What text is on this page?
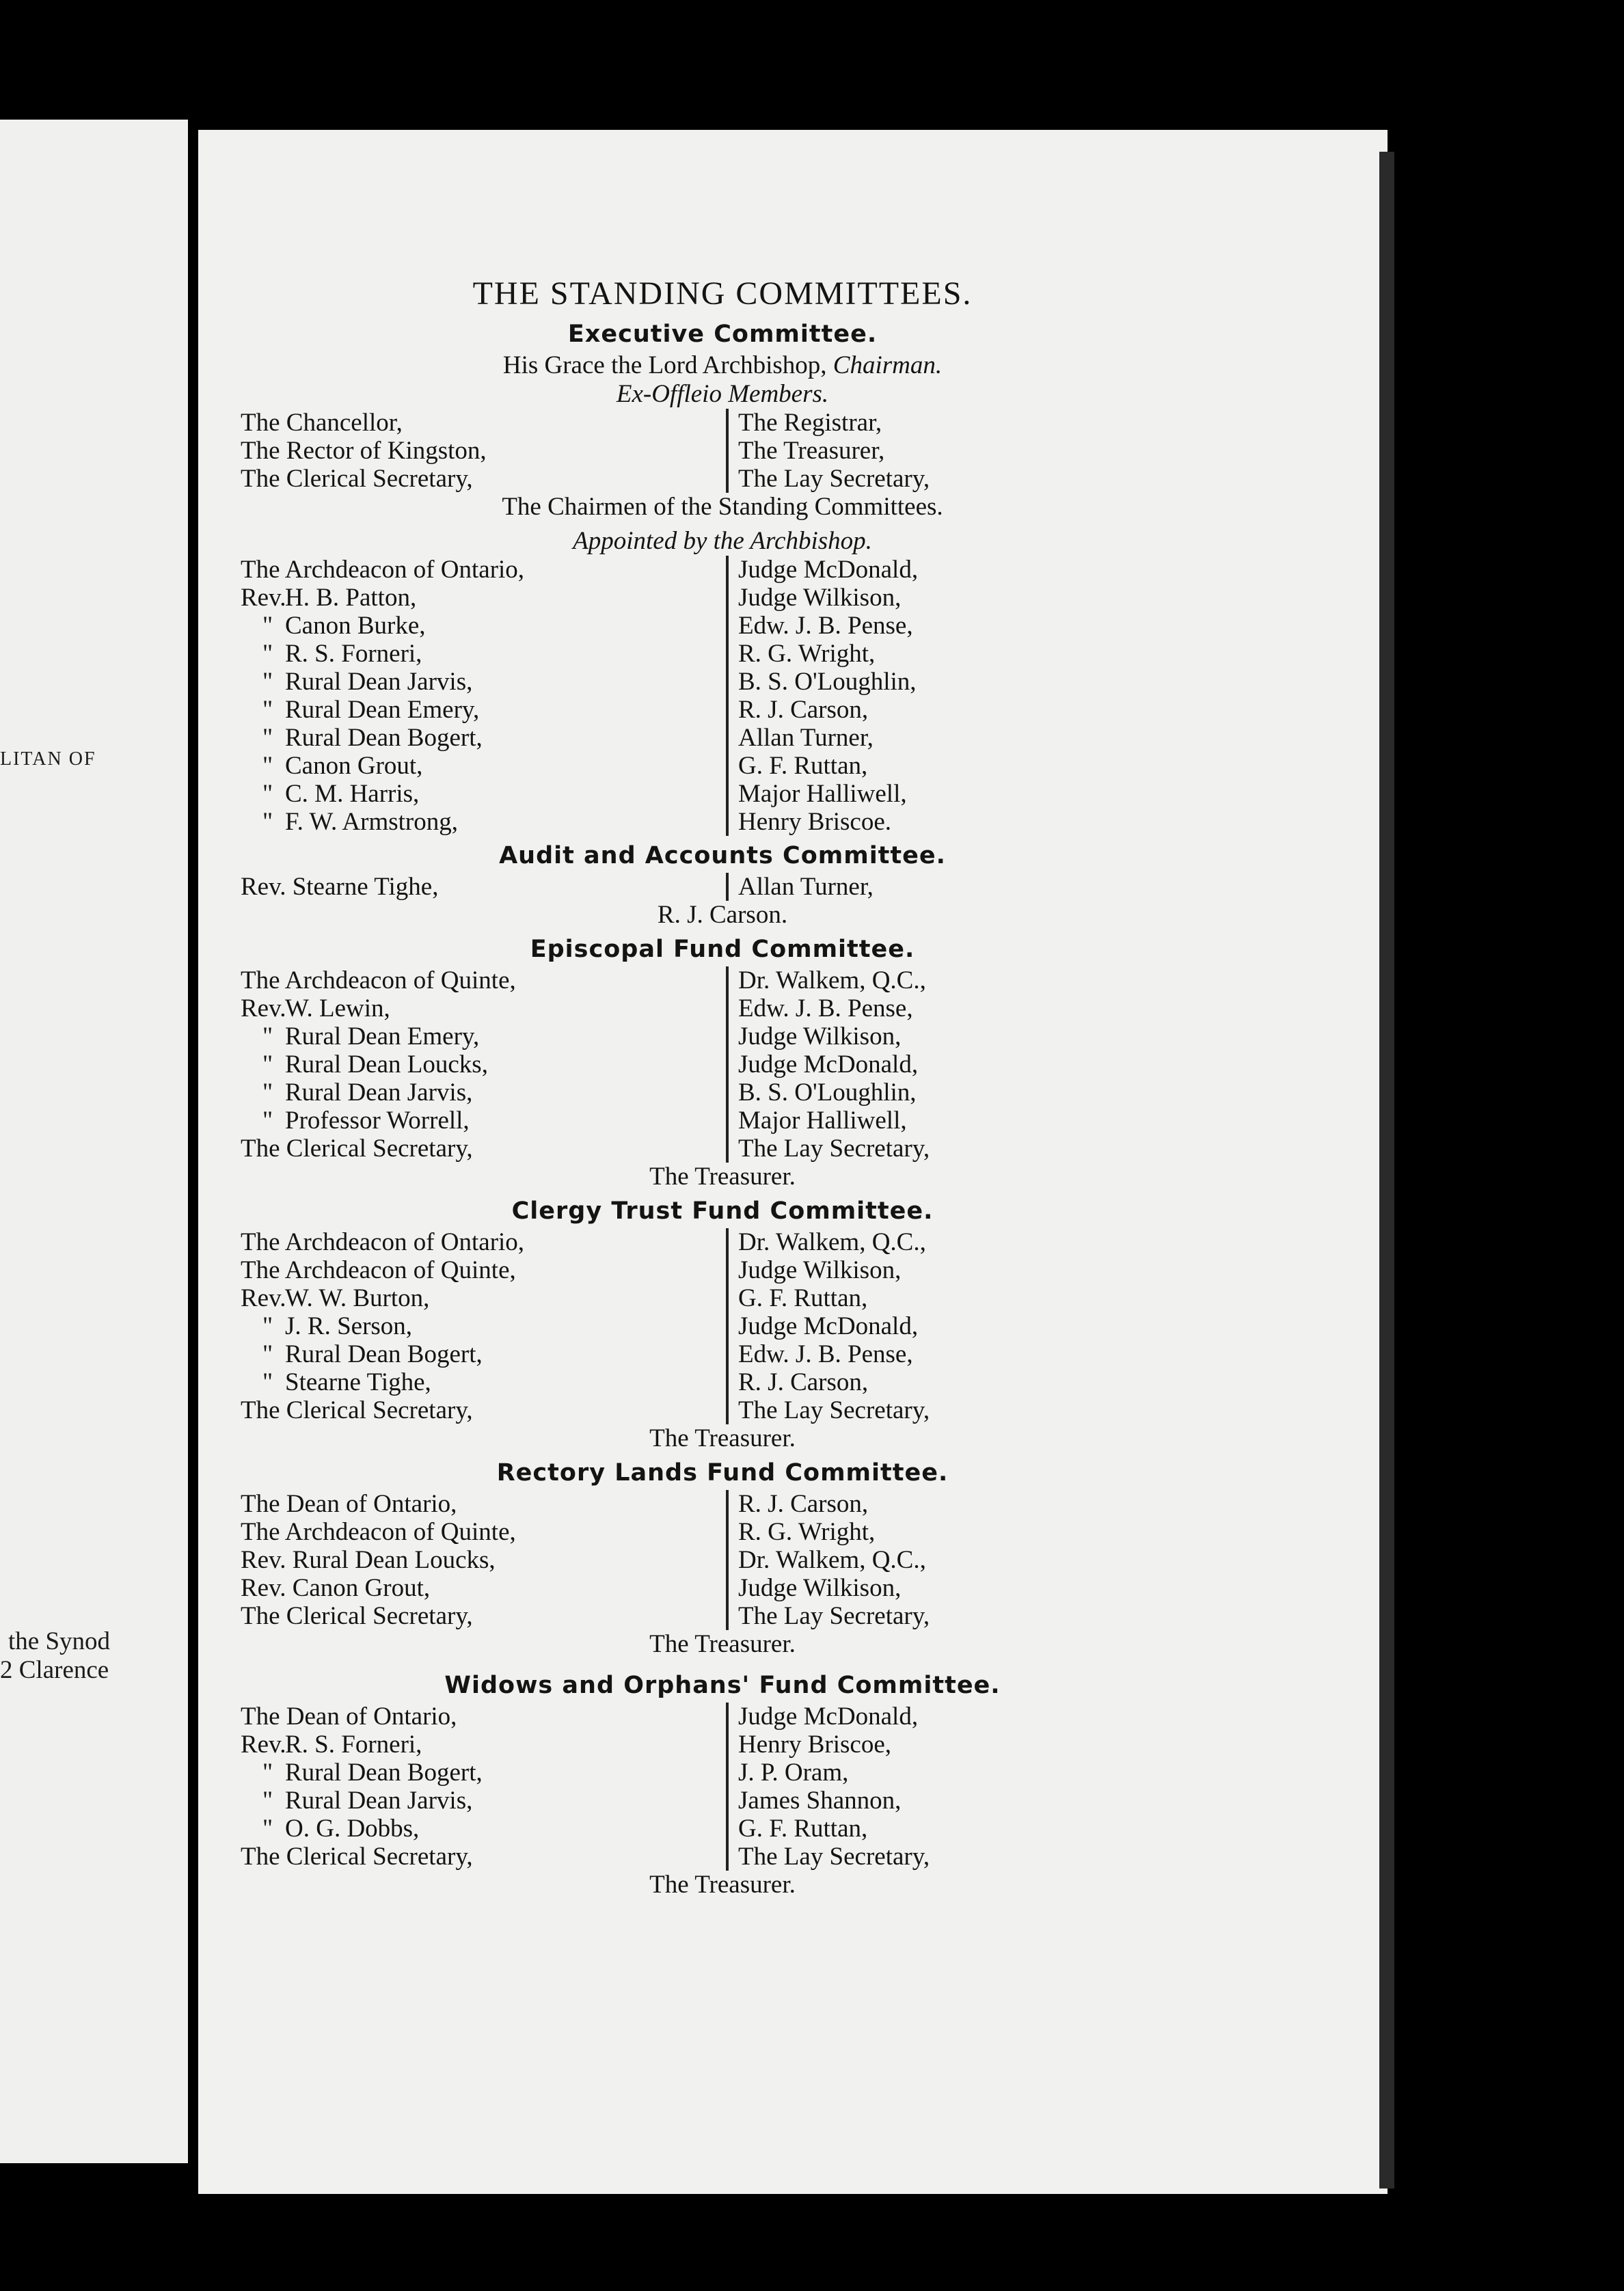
LITAN OF
the Synod
2 Clarence
THE STANDING COMMITTEES.
Executive Committee.
His Grace the Lord Archbishop, Chairman.
Ex-Offleio Members.
The Chancellor,
The Rector of Kingston,
The Clerical Secretary,
The Registrar,
The Treasurer,
The Lay Secretary,
The Chairmen of the Standing Committees.
Appointed by the Archbishop.
The Archdeacon of Ontario,
Rev.H. B. Patton,
" Canon Burke,
" R. S. Forneri,
" Rural Dean Jarvis,
" Rural Dean Emery,
" Rural Dean Bogert,
" Canon Grout,
" C. M. Harris,
" F. W. Armstrong,
Judge McDonald,
Judge Wilkison,
Edw. J. B. Pense,
R. G. Wright,
B. S. O'Loughlin,
R. J. Carson,
Allan Turner,
G. F. Ruttan,
Major Halliwell,
Henry Briscoe.
Audit and Accounts Committee.
Rev. Stearne Tighe,	Allan Turner,
R. J. Carson.
Episcopal Fund Committee.
The Archdeacon of Quinte,
Rev.W. Lewin,
" Rural Dean Emery,
" Rural Dean Loucks,
" Rural Dean Jarvis,
" Professor Worrell,
The Clerical Secretary,
Dr. Walkem, Q.C.,
Edw. J. B. Pense,
Judge Wilkison,
Judge McDonald,
B. S. O'Loughlin,
Major Halliwell,
The Lay Secretary,
The Treasurer.
Clergy Trust Fund Committee.
The Archdeacon of Ontario,
The Archdeacon of Quinte,
Rev.W. W. Burton,
" J. R. Serson,
" Rural Dean Bogert,
" Stearne Tighe,
The Clerical Secretary,
Dr. Walkem, Q.C.,
Judge Wilkison,
G. F. Ruttan,
Judge McDonald,
Edw. J. B. Pense,
R. J. Carson,
The Lay Secretary,
The Treasurer.
Rectory Lands Fund Committee.
The Dean of Ontario,
The Archdeacon of Quinte,
Rev. Rural Dean Loucks,
Rev. Canon Grout,
The Clerical Secretary,
R. J. Carson,
R. G. Wright,
Dr. Walkem, Q.C.,
Judge Wilkison,
The Lay Secretary,
The Treasurer.
Widows and Orphans' Fund Committee.
The Dean of Ontario,
Rev.R. S. Forneri,
" Rural Dean Bogert,
" Rural Dean Jarvis,
" O. G. Dobbs,
The Clerical Secretary,
Judge McDonald,
Henry Briscoe,
J. P. Oram,
James Shannon,
G. F. Ruttan,
The Lay Secretary,
The Treasurer.
